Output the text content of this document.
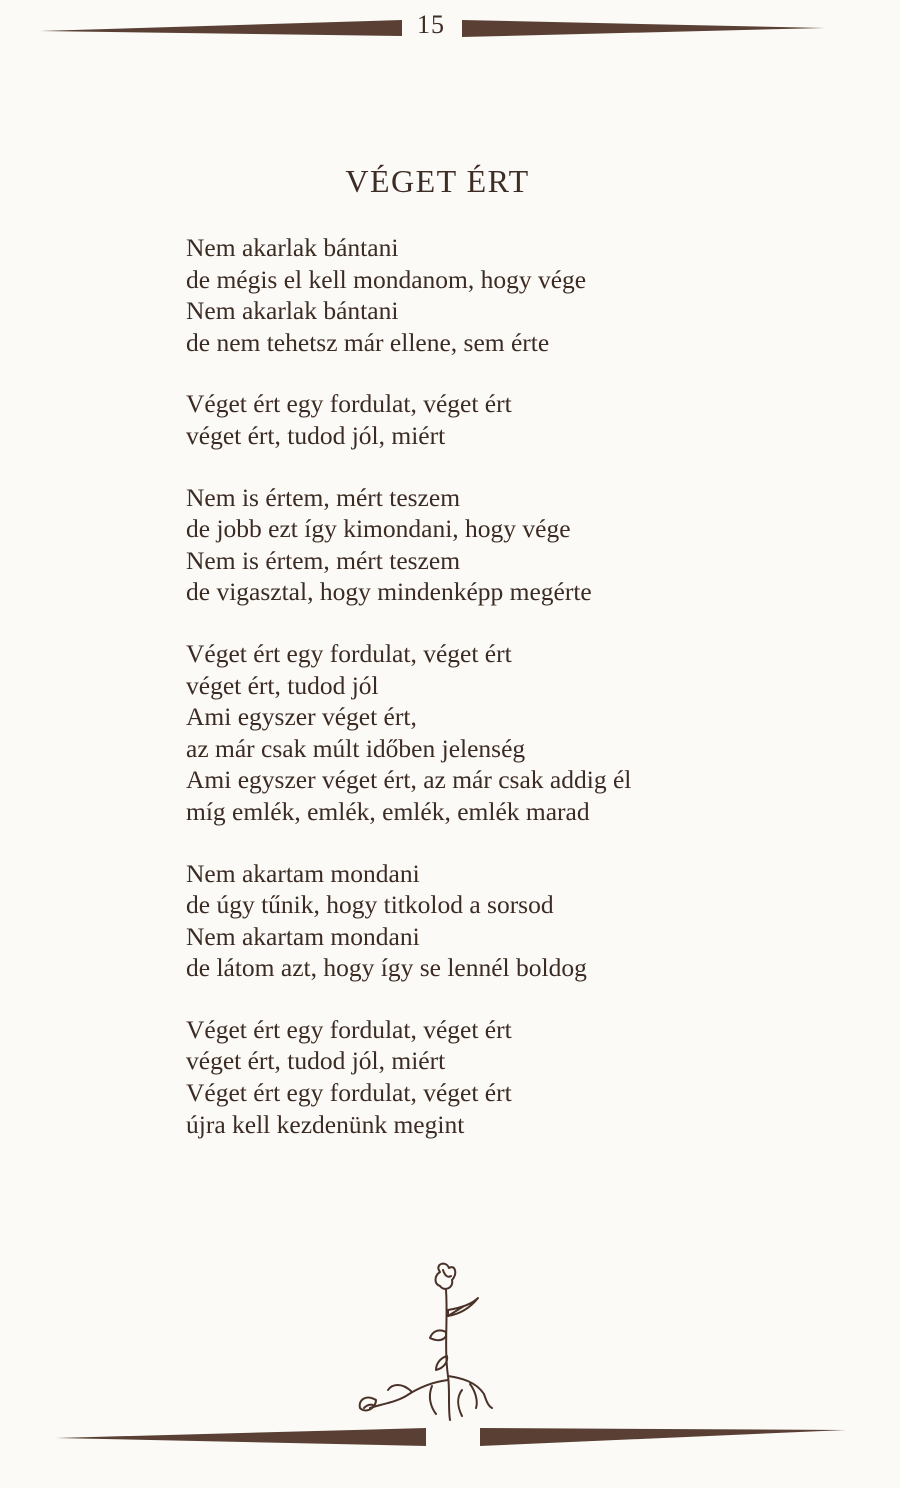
15
VÉGET ÉRT
Nem akarlak bántani
de mégis el kell mondanom, hogy vége
Nem akarlak bántani
de nem tehetsz már ellene, sem érte
Véget ért egy fordulat, véget ért
véget ért, tudod jól, miért
Nem is értem, mért teszem
de jobb ezt így kimondani, hogy vége
Nem is értem, mért teszem
de vigasztal, hogy mindenképp megérte
Véget ért egy fordulat, véget ért
véget ért, tudod jól
Ami egyszer véget ért,
az már csak múlt időben jelenség
Ami egyszer véget ért, az már csak addig él
míg emlék, emlék, emlék, emlék marad
Nem akartam mondani
de úgy tűnik, hogy titkolod a sorsod
Nem akartam mondani
de látom azt, hogy így se lennél boldog
Véget ért egy fordulat, véget ért
véget ért, tudod jól, miért
Véget ért egy fordulat, véget ért
újra kell kezdenünk megint
